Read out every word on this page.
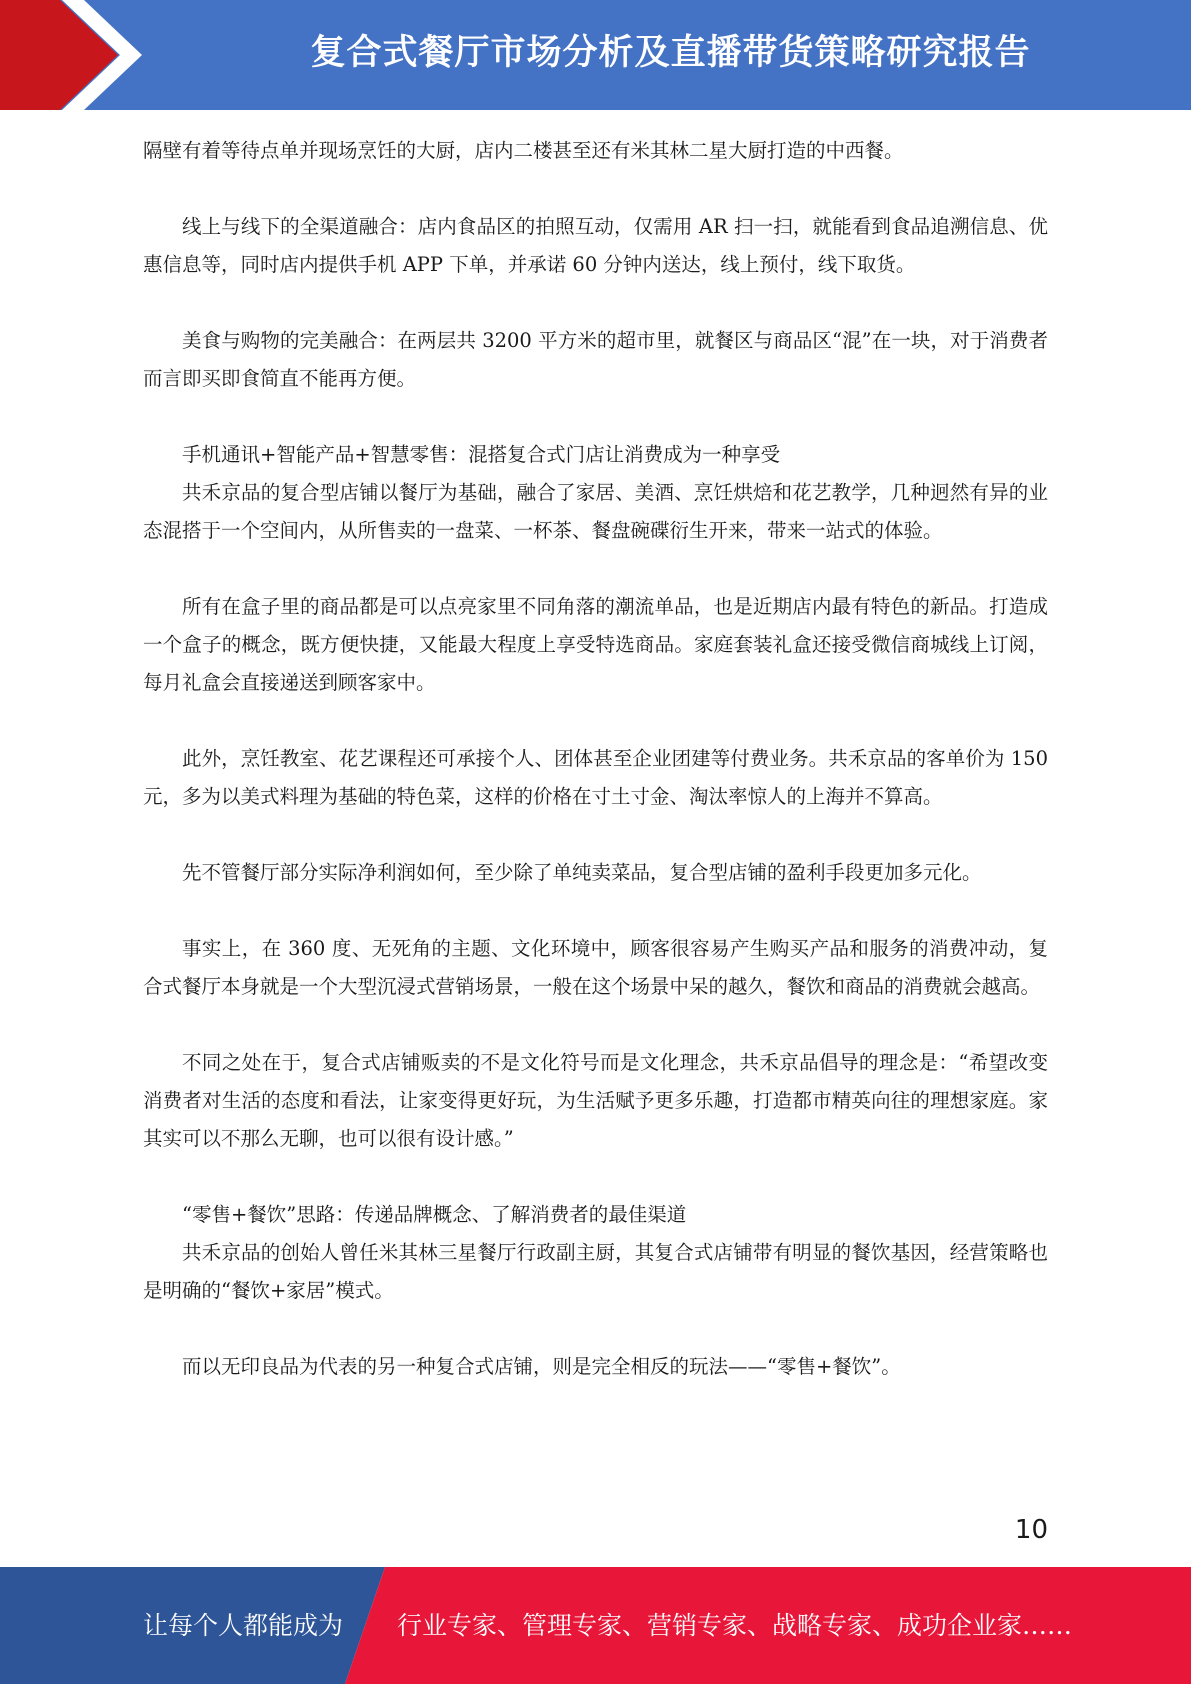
复合式餐厅市场分析及直播带货策略研究报告

隔壁有着等待点单并现场烹饪的大厨，店内二楼甚至还有米其林二星大厨打造的中西餐。

线上与线下的全渠道融合：店内食品区的拍照互动，仅需用 AR 扫一扫，就能看到食品追溯信息、优惠信息等，同时店内提供手机 APP 下单，并承诺 60 分钟内送达，线上预付，线下取货。

美食与购物的完美融合：在两层共 3200 平方米的超市里，就餐区与商品区“混”在一块，对于消费者而言即买即食简直不能再方便。

手机通讯+智能产品+智慧零售：混搭复合式门店让消费成为一种享受

共禾京品的复合型店铺以餐厅为基础，融合了家居、美酒、烹饪烘焙和花艺教学，几种迥然有异的业态混搭于一个空间内，从所售卖的一盘菜、一杯茶、餐盘碗碟衍生开来，带来一站式的体验。

所有在盒子里的商品都是可以点亮家里不同角落的潮流单品，也是近期店内最有特色的新品。打造成一个盒子的概念，既方便快捷，又能最大程度上享受特选商品。家庭套装礼盒还接受微信商城线上订阅，每月礼盒会直接递送到顾客家中。

此外，烹饪教室、花艺课程还可承接个人、团体甚至企业团建等付费业务。共禾京品的客单价为 150 元，多为以美式料理为基础的特色菜，这样的价格在寸土寸金、淘汰率惊人的上海并不算高。

先不管餐厅部分实际净利润如何，至少除了单纯卖菜品，复合型店铺的盈利手段更加多元化。

事实上，在 360 度、无死角的主题、文化环境中，顾客很容易产生购买产品和服务的消费冲动，复合式餐厅本身就是一个大型沉浸式营销场景，一般在这个场景中呆的越久，餐饮和商品的消费就会越高。

不同之处在于，复合式店铺贩卖的不是文化符号而是文化理念，共禾京品倡导的理念是：“希望改变消费者对生活的态度和看法，让家变得更好玩，为生活赋予更多乐趣，打造都市精英向往的理想家庭。家其实可以不那么无聊，也可以很有设计感。”

“零售+餐饮”思路：传递品牌概念、了解消费者的最佳渠道

共禾京品的创始人曾任米其林三星餐厅行政副主厨，其复合式店铺带有明显的餐饮基因，经营策略也是明确的“餐饮+家居”模式。

而以无印良品为代表的另一种复合式店铺，则是完全相反的玩法——“零售+餐饮”。

10
让每个人都能成为 行业专家、管理专家、营销专家、战略专家、成功企业家……
